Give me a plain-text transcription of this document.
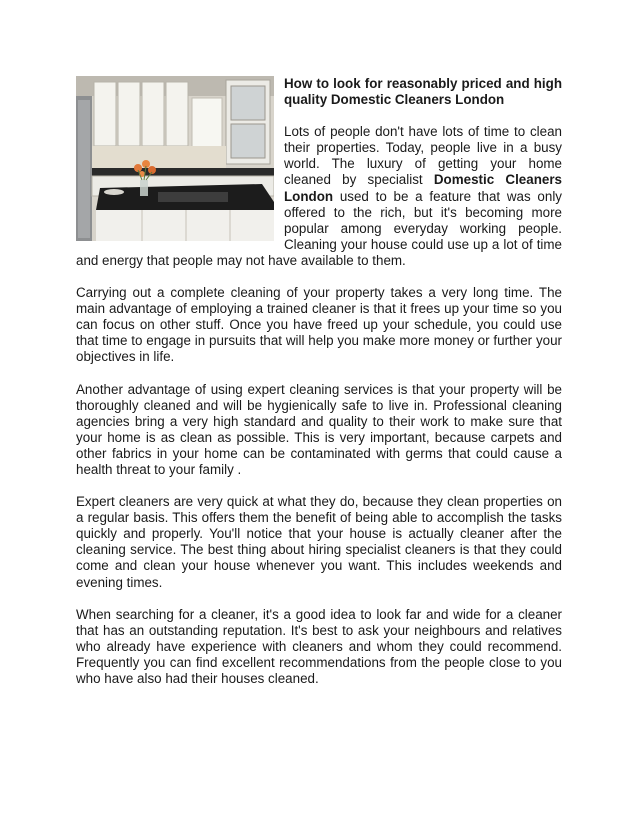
How to look for reasonably priced and high quality Domestic Cleaners London

Lots of people don't have lots of time to clean their properties. Today, people live in a busy world. The luxury of getting your home cleaned by specialist Domestic Cleaners London used to be a feature that was only offered to the rich, but it's becoming more popular among everyday working people. Cleaning your house could use up a lot of time and energy that people may not have available to them.

Carrying out a complete cleaning of your property takes a very long time. The main advantage of employing a trained cleaner is that it frees up your time so you can focus on other stuff. Once you have freed up your schedule, you could use that time to engage in pursuits that will help you make more money or further your objectives in life.

Another advantage of using expert cleaning services is that your property will be thoroughly cleaned and will be hygienically safe to live in. Professional cleaning agencies bring a very high standard and quality to their work to make sure that your home is as clean as possible. This is very important, because carpets and other fabrics in your home can be contaminated with germs that could cause a health threat to your family .

Expert cleaners are very quick at what they do, because they clean properties on a regular basis. This offers them the benefit of being able to accomplish the tasks quickly and properly. You'll notice that your house is actually cleaner after the cleaning service. The best thing about hiring specialist cleaners is that they could come and clean your house whenever you want. This includes weekends and evening times.

When searching for a cleaner, it's a good idea to look far and wide for a cleaner that has an outstanding reputation. It's best to ask your neighbours and relatives who already have experience with cleaners and whom they could recommend. Frequently you can find excellent recommendations from the people close to you who have also had their houses cleaned.
